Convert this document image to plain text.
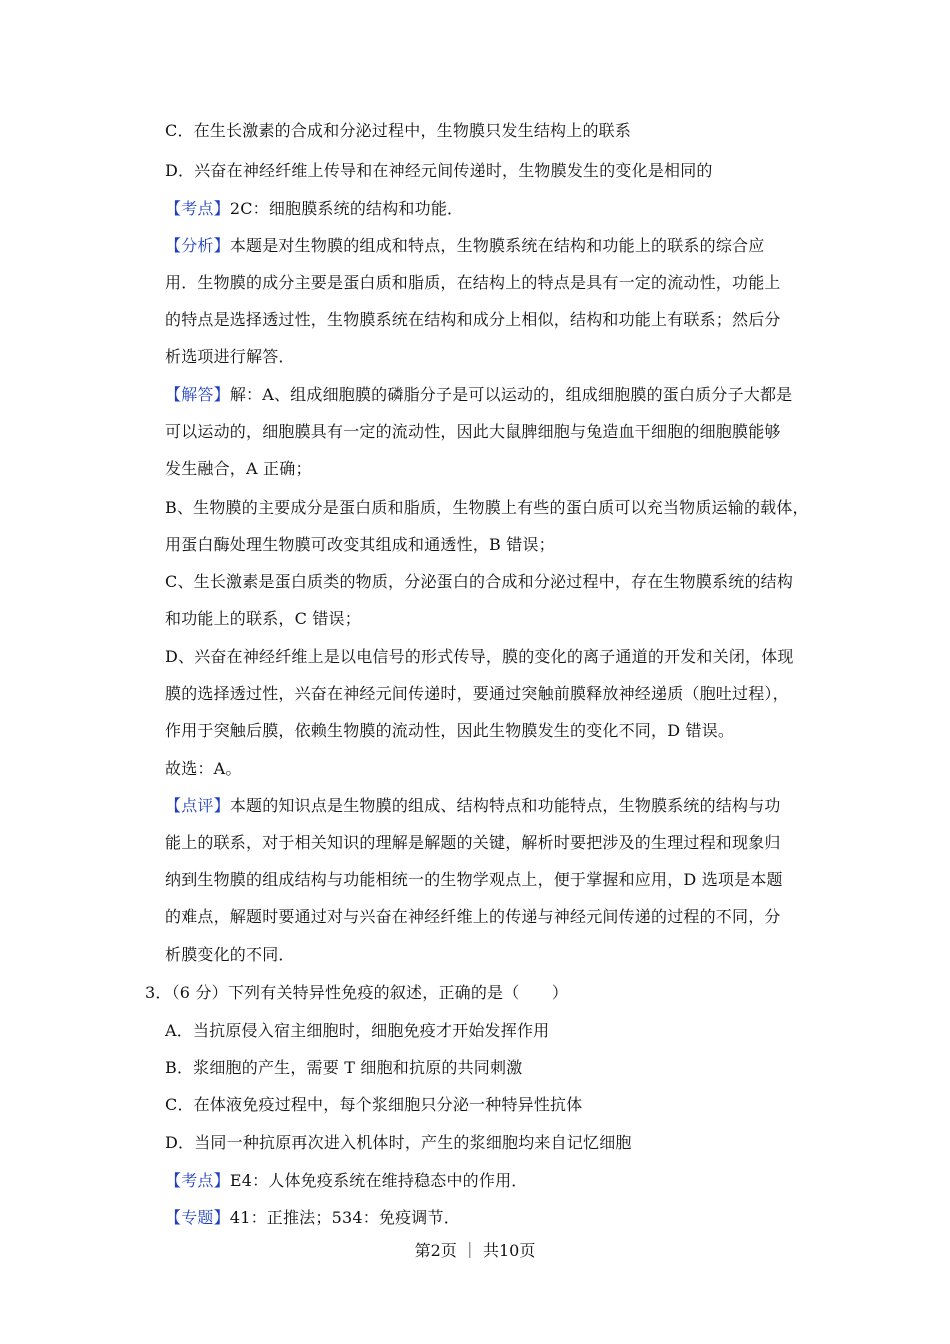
C．在生长激素的合成和分泌过程中，生物膜只发生结构上的联系
D．兴奋在神经纤维上传导和在神经元间传递时，生物膜发生的变化是相同的
【考点】2C：细胞膜系统的结构和功能．
【分析】本题是对生物膜的组成和特点，生物膜系统在结构和功能上的联系的综合应
用．生物膜的成分主要是蛋白质和脂质，在结构上的特点是具有一定的流动性，功能上
的特点是选择透过性，生物膜系统在结构和成分上相似，结构和功能上有联系；然后分
析选项进行解答．
【解答】解：A、组成细胞膜的磷脂分子是可以运动的，组成细胞膜的蛋白质分子大都是
可以运动的，细胞膜具有一定的流动性，因此大鼠脾细胞与兔造血干细胞的细胞膜能够
发生融合，A 正确；
B、生物膜的主要成分是蛋白质和脂质，生物膜上有些的蛋白质可以充当物质运输的载体，
用蛋白酶处理生物膜可改变其组成和通透性，B 错误；
C、生长激素是蛋白质类的物质，分泌蛋白的合成和分泌过程中，存在生物膜系统的结构
和功能上的联系，C 错误；
D、兴奋在神经纤维上是以电信号的形式传导，膜的变化的离子通道的开发和关闭，体现
膜的选择透过性，兴奋在神经元间传递时，要通过突触前膜释放神经递质（胞吐过程），
作用于突触后膜，依赖生物膜的流动性，因此生物膜发生的变化不同，D 错误。
故选：A。
【点评】本题的知识点是生物膜的组成、结构特点和功能特点，生物膜系统的结构与功
能上的联系，对于相关知识的理解是解题的关键，解析时要把涉及的生理过程和现象归
纳到生物膜的组成结构与功能相统一的生物学观点上，便于掌握和应用，D 选项是本题
的难点，解题时要通过对与兴奋在神经纤维上的传递与神经元间传递的过程的不同，分
析膜变化的不同．
3．（6 分）下列有关特异性免疫的叙述，正确的是（　　）
A．当抗原侵入宿主细胞时，细胞免疫才开始发挥作用
B．浆细胞的产生，需要 T 细胞和抗原的共同刺激
C．在体液免疫过程中，每个浆细胞只分泌一种特异性抗体
D．当同一种抗原再次进入机体时，产生的浆细胞均来自记忆细胞
【考点】E4：人体免疫系统在维持稳态中的作用．
【专题】41：正推法；534：免疫调节．
第2页 ｜ 共10页
